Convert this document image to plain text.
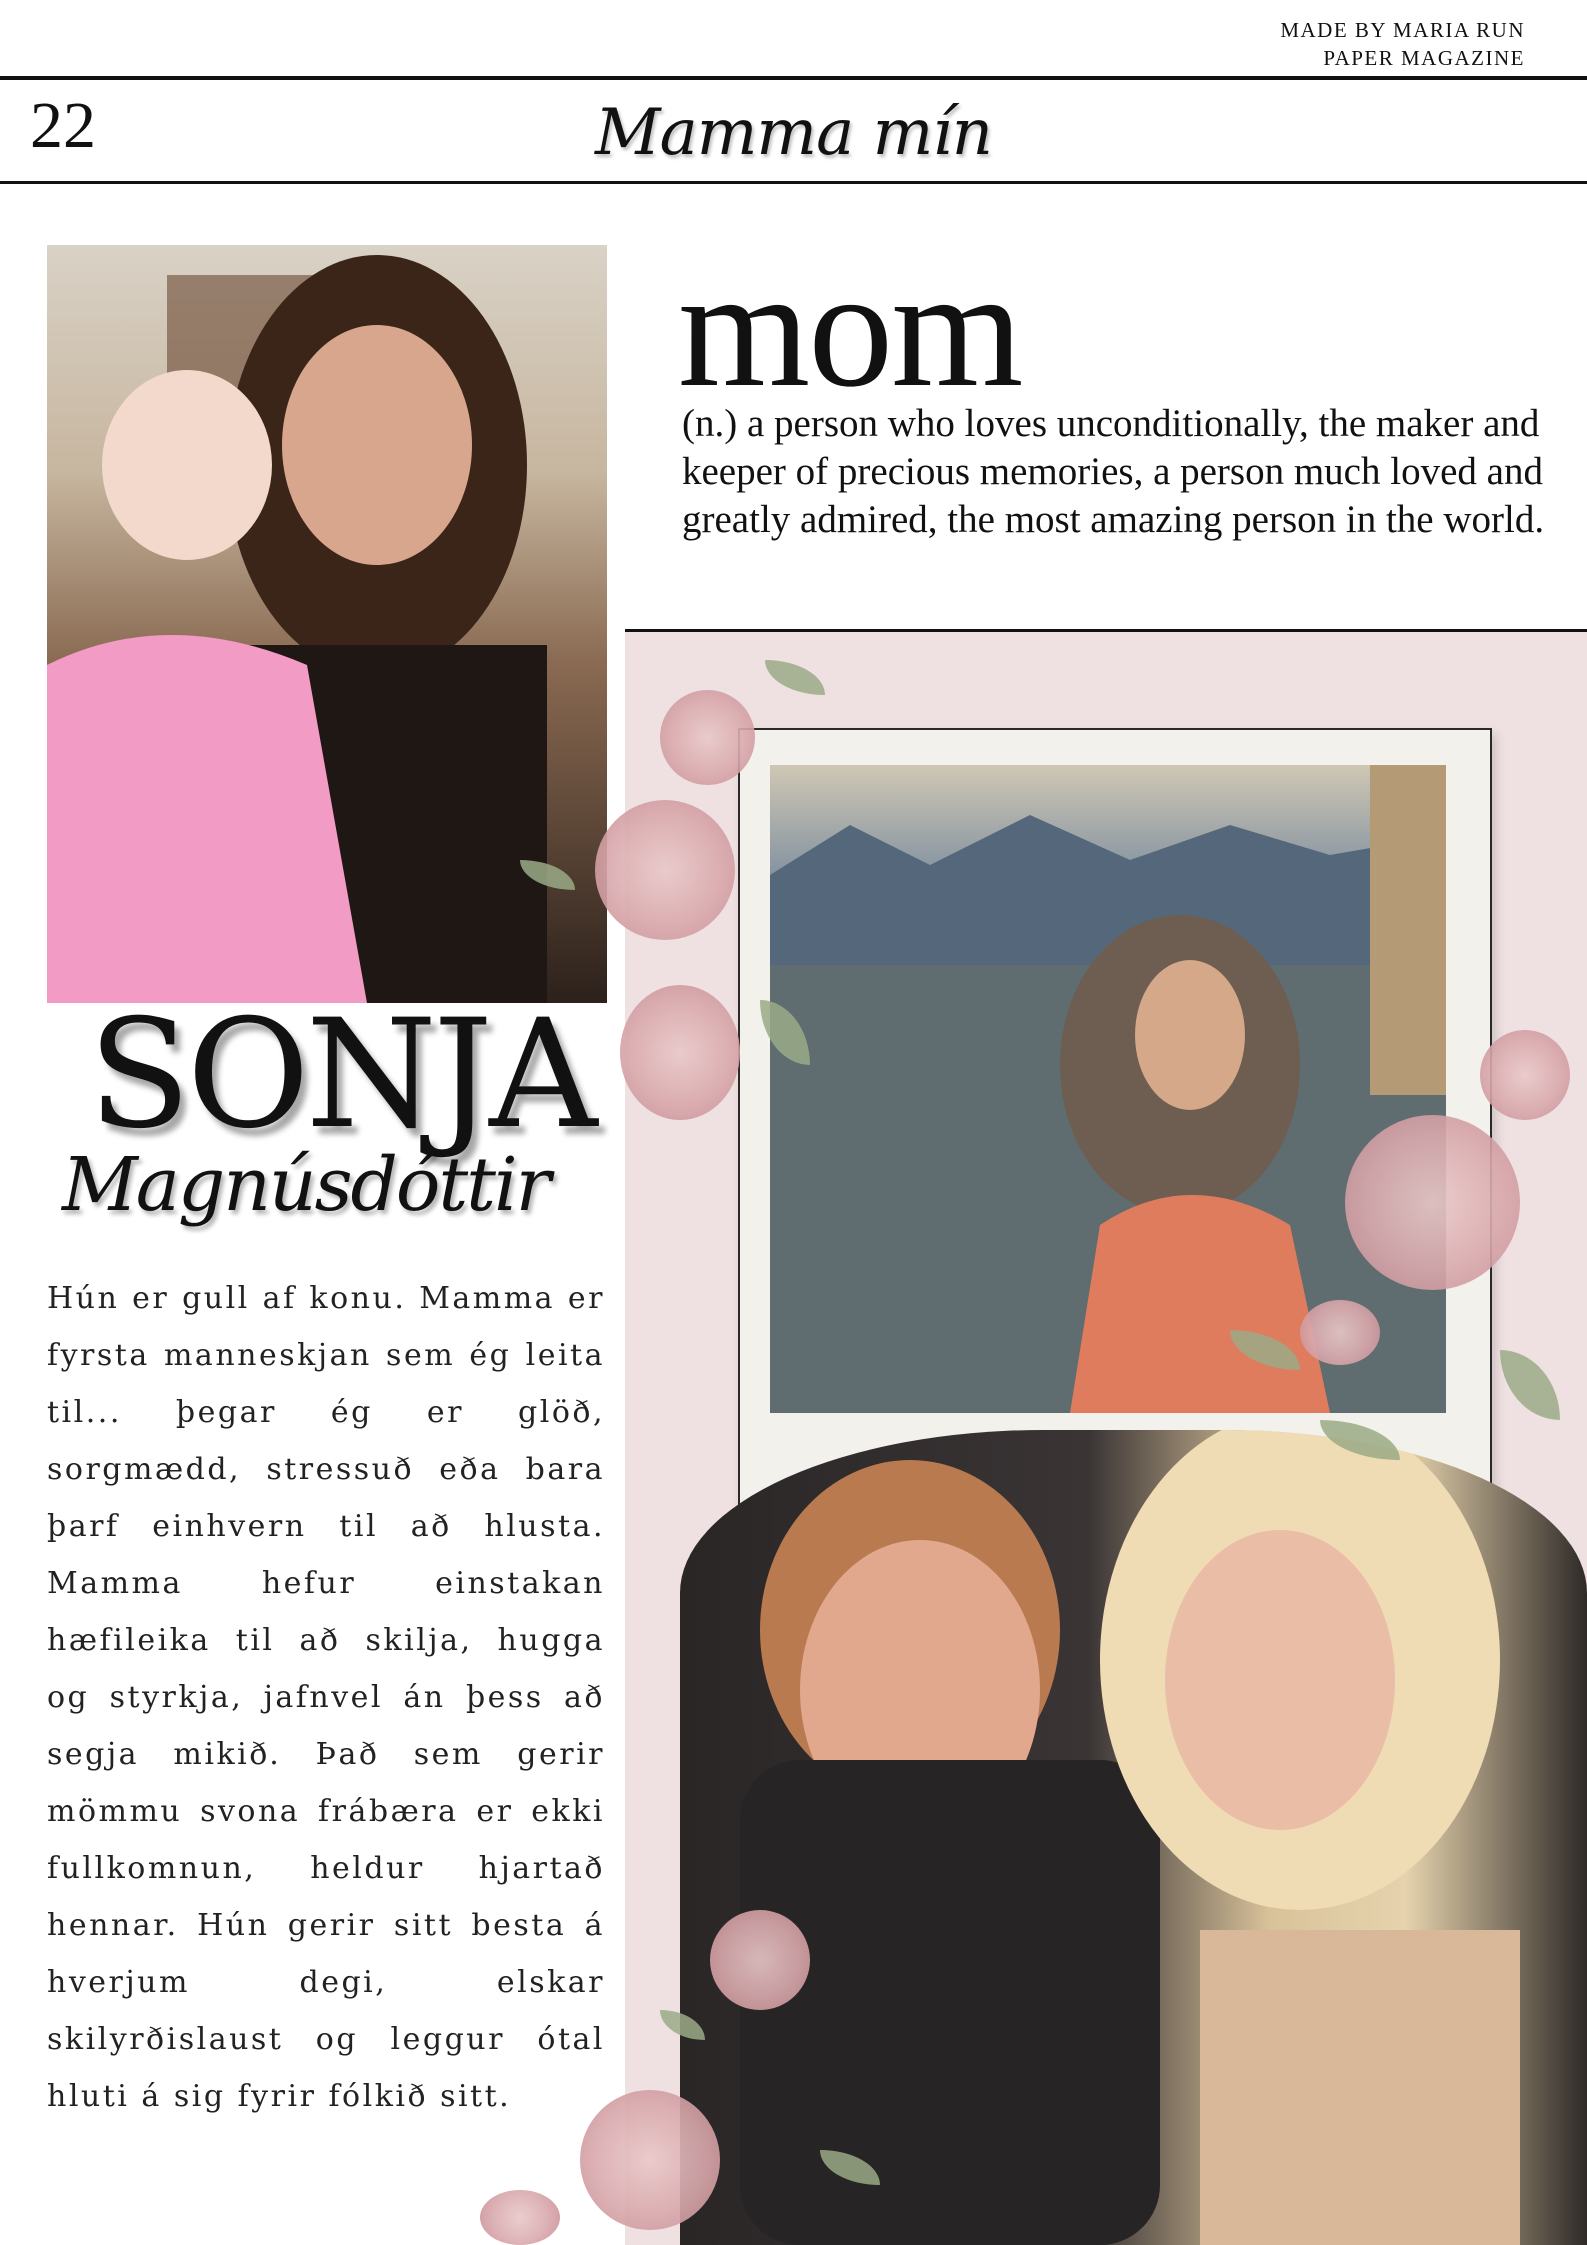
MADE BY MARIA RUN
PAPER MAGAZINE
22	Mamma mín
mom
(n.) a person who loves unconditionally, the maker and keeper of precious memories, a person much loved and greatly admired, the most amazing person in the world.
SONJA
Magnúsdóttir
Hún er gull af konu. Mamma er fyrsta manneskjan sem ég leita til... þegar ég er glöð, sorgmædd, stressuð eða bara þarf einhvern til að hlusta. Mamma hefur einstakan hæfileika til að skilja, hugga og styrkja, jafnvel án þess að segja mikið. Það sem gerir mömmu svona frábæra er ekki fullkomnun, heldur hjartað hennar. Hún gerir sitt besta á hverjum degi, elskar skilyrðislaust og leggur ótal hluti á sig fyrir fólkið sitt.
